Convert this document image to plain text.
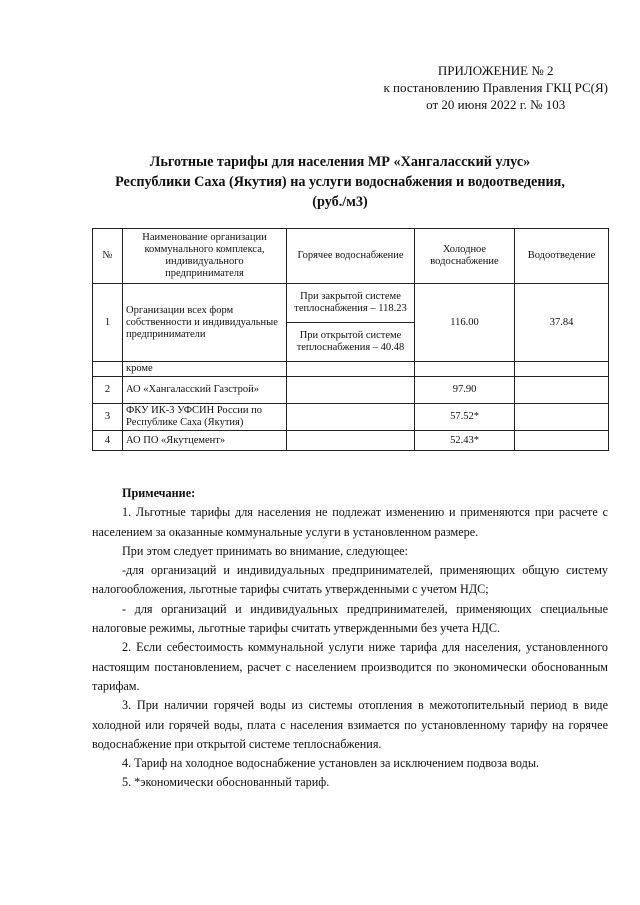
ПРИЛОЖЕНИЕ № 2
к постановлению Правления ГКЦ РС(Я)
от 20 июня 2022 г. № 103
Льготные тарифы для населения МР «Хангаласский улус»
Республики Саха (Якутия) на услуги водоснабжения и водоотведения,
(руб./м3)
№	Наименование организации коммунального комплекса, индивидуального предпринимателя	Горячее водоснабжение	Холодное водоснабжение	Водоотведение
1	Организации всех форм собственности и индивидуальные предприниматели	При закрытой системе теплоснабжения – 118.23	116.00	37.84
		При открытой системе теплоснабжения – 40.48		
	кроме			
2	АО «Хангаласский Газстрой»		97.90	
3	ФКУ ИК-3 УФСИН России по Республике Саха (Якутия)		57.52*	
4	АО ПО «Якутцемент»		52.43*	

Примечание:

1. Льготные тарифы для населения не подлежат изменению и применяются при расчете с населением за оказанные коммунальные услуги в установленном размере.

При этом следует принимать во внимание, следующее:

-для организаций и индивидуальных предпринимателей, применяющих общую систему налогообложения, льготные тарифы считать утвержденными с учетом НДС;

- для организаций и индивидуальных предпринимателей, применяющих специальные налоговые режимы, льготные тарифы считать утвержденными без учета НДС.

2. Если себестоимость коммунальной услуги ниже тарифа для населения, установленного настоящим постановлением, расчет с населением производится по экономически обоснованным тарифам.

3. При наличии горячей воды из системы отопления в межотопительный период в виде холодной или горячей воды, плата с населения взимается по установленному тарифу на горячее водоснабжение при открытой системе теплоснабжения.

4. Тариф на холодное водоснабжение установлен за исключением подвоза воды.

5. *экономически обоснованный тариф.
